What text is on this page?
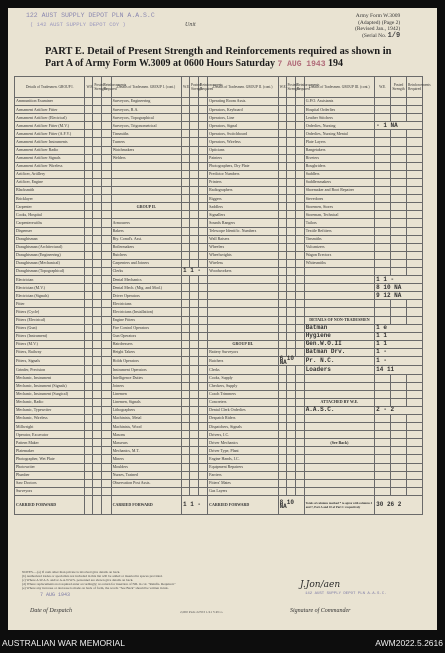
122 AUST SUPPLY DEPOT PLN A.A.S.C
( 142 AUST SUPPLY DEPOT COY )	Unit
Army Form W.3009
(Adapted) (Page 2)
(Revised Jan., 1942)
(Serial No. 1/9
PART E. Detail of Present Strength and Reinforcements required as shown in
Part A of Army Form W.3009 at 0600 Hours Saturday 7 AUG 1943 194
Details of Tradesmen. GROUP I.	W.E.	Posted Strength	Reinforcements Required	Details of Tradesmen. GROUP I. (cont.)	W.E.	Posted Strength	Reinforcements Required	Details of Tradesmen. GROUP II. (cont.)	W.E.	Posted Strength	Reinforcements Required	Details of Tradesmen. GROUP III. (cont.)	W.E.	Posted Strength	Reinforcements Required
Ammunition Examiner				Surveyors, Engineering				Operating Room Assts.				G.P.O. Assistants			
Armament Artificer Fitter				Surveyors, R.A.				Operators, Keyboard				Hospital Orderlies			
Armament Artificer (Electrical)				Surveyors, Topographical				Operators, Line				Leather Stitchers			
Armament Artificer Fitter (M.V.)				Surveyors, Trigonometrical				Operators, Signal				Orderlies, Nursing	- 1 NA		
Armament Artificer Fitter (A.F.V.)				Tinsmiths				Operators, Switchboard				Orderlies, Nursing Mental			
Armament Artificer Instruments				Turners				Operators, Wireless				Plate Layers			
Armament Artificer Radio				Watchmakers				Opticians				Rangetakers			
Armament Artificer Signals				Welders				Painters				Riveters			
Armament Artificer Wireless								Photographers, Dry Plate				Roughriders			
Artificer, Artillery								Predictor Numbers				Saddlers			
Artificer, Engine								Printers				Saddlersmakers			
Blacksmith								Radiographers				Shoemaker and Boot Repairer			
Bricklayer								Riggers				Stevedores			
Carpenter				GROUP II.				Saddlers				Storemen, Stores			
Cooks, Hospital								Signallers				Storeman, Technical			
Carpenterswiths				Armourers				Sounds Rangers				Tailors			
Dispenser				Bakers				Telescope Identific. Numbers				Textile Refitters			
Draughtsman				Bty. Comd's. Asst.				Wall Raisers				Tinsmiths			
Draughtsman (Architectural)				Boilermakers				Wheelers				Vulcanizers			
Draughtsman (Engineering)				Butchers				Wheelwrights				Wagon Erectors			
Draughtsman (Mechanical)				Carpenters and Joiners				Wireless				Whitesmiths			
Draughtsman (Topographical)				Clerks	1 1 -			Woodworkers							
Electrician				Dental Mechanics									1 1 -		
Electrician (M.V.)				Dental Mech. (Mtg. and Mod.)									8 10 NA		
Electrician (Signals)				Driver Operators									9 12 NA		
Fitter				Electricians											
Fitters (Cycle)				Electricians (Installation)											
Fitters (Electrical)				Engine Fitters								DETAILS OF NON-TRADESMEN			
Fitters (Gun)				Fire Control Operators								Batman	1 e		
Fitters (Instrument)				Gun Operators								Hygiene	1 1		
Fitters (M.V.)				Hairdressers				GROUP III.				Gen.W.O.II	1 1		
Fitters, Railway				Height Takers				Battery Surveyors				Batman Drv.	1 -		
Fitters, Signals				Holds Operators				Butchers	6 10 NA			Pr. N.C.	1 -		
Grinder, Precision				Instrument Operators				Clerks				Loaders	14 11		
Mechanic, Instrument				Intelligence Duties				Cooks, Supply							
Mechanic, Instrument (Signals)				Joiners				Checkers, Supply							
Mechanic, Instrument (Surgical)				Linemen				Coach Trimmers							
Mechanic, Radio				Linemen, Signals				Concreters				ATTACHED BY W.E.			
Mechanic, Typewriter				Lithographers				Dental Clerk Orderlies				A.A.S.C.	2 - 2		
Mechanic, Wireless				Machinists, Metal				Despatch Riders							
Millwright				Machinists, Wood				Dispatchers, Signals							
Operator, Excavator				Masons				Drivers, I.C.							
Pattern Maker				Masseurs				Driver Mechanics				(See Back)			
Platemaker				Mechanics, M.T.				Driver Type, Plant							
Photographer, Wet Plate				Miners				Engine Hands, I.C.							
Photowriter				Moulders				Equipment Repairers							
Plumber				Nurses, Trained				Farriers							
Saw Doctors				Observation Post Assts.				Fitters' Mates							
Surveyors								Gas Layers							
CARRIED FORWARD				CARRIED FORWARD	1 1 -			CARRIED FORWARD	8 10 NA			Totals of columns marked * to agree with columns 4 and 7, Part A and 10 of Part C respectively	30 26 2		
NOTES.—(a) If cash other than private is involved give details on back.
(b) Authorized trades or specialists not included in this list will be added or inserted in spaces provided.
(c) Where A.W.A.S. and/or A.A.N.W.S. personnel are shown give details on back.
(d) Where replacements not required enter accordingly; no return for insertion of NIL in col. "Reinfts. Required."
(e) Where any increase or decrease is made on back of form, the words "See Back" should be written in ink.
7 AUG 1943	142 AUST SUPPLY DEPOT PLN A.A.S.C.
J.Jon/aen
Date of Despatch	2,000 Pads 22353 1/41 V.P.Co.	Signature of Commander
AUSTRALIAN WAR MEMORIAL	AWM2022.5.2616
